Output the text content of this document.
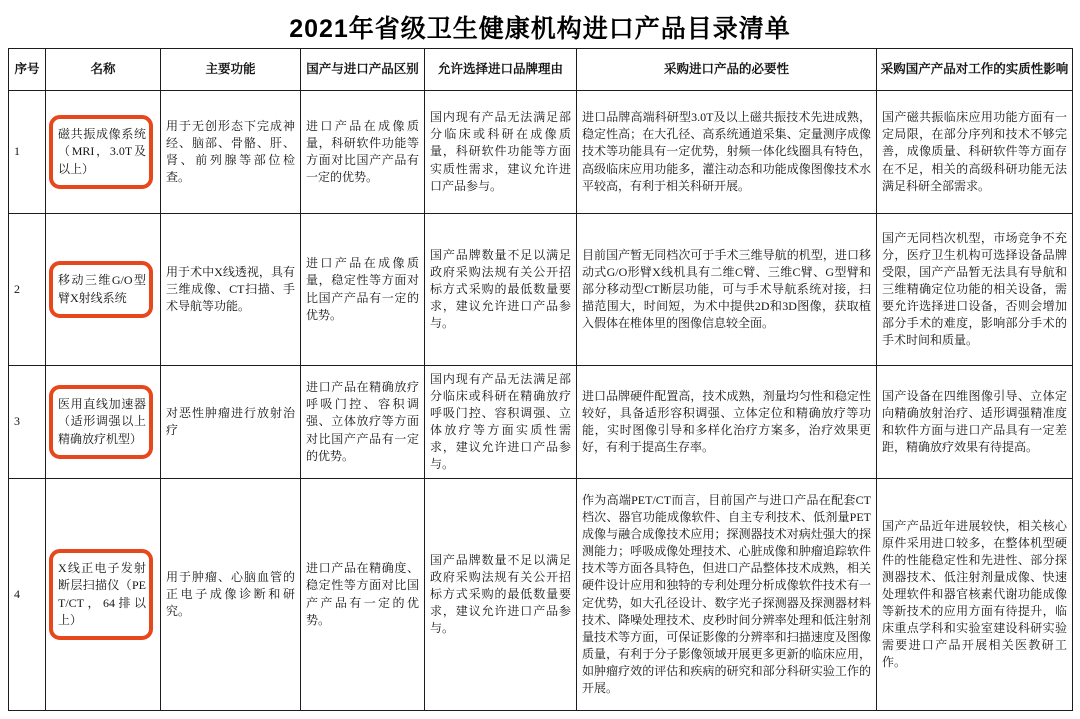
2021年省级卫生健康机构进口产品目录清单
序号	名称	主要功能	国产与进口产品区别	允许选择进口品牌理由	采购进口产品的必要性	采购国产产品对工作的实质性影响
1	磁共振成像系统（MRI，3.0T及以上）	用于无创形态下完成神经、脑部、骨骼、肝、肾、前列腺等部位检查。	进口产品在成像质量，科研软件功能等方面对比国产产品有一定的优势。	国内现有产品无法满足部分临床或科研在成像质量，科研软件功能等方面实质性需求，建议允许进口产品参与。	进口品牌高端科研型3.0T及以上磁共振技术先进成熟，稳定性高；在大孔径、高系统通道采集、定量测序成像技术等功能具有一定优势，射频一体化线圈具有特色，高级临床应用功能多，灌注动态和功能成像图像技术水平较高，有利于相关科研开展。	国产磁共振临床应用功能方面有一定局限，在部分序列和技术不够完善，成像质量、科研软件等方面存在不足，相关的高级科研功能无法满足科研全部需求。
2	移动三维G/O型臂X射线系统	用于术中X线透视，具有三维成像、CT扫描、手术导航等功能。	进口产品在成像质量，稳定性等方面对比国产产品有一定的优势。	国产品牌数量不足以满足政府采购法规有关公开招标方式采购的最低数量要求，建议允许进口产品参与。	目前国产暂无同档次可于手术三维导航的机型，进口移动式G/O形臂X线机具有二维C臂、三维C臂、G型臂和部分移动型CT断层功能，可与手术导航系统对接，扫描范围大，时间短，为术中提供2D和3D图像，获取植入假体在椎体里的图像信息较全面。	国产无同档次机型，市场竞争不充分，医疗卫生机构可选择设备品牌受限，国产产品暂无法具有导航和三维精确定位功能的相关设备，需要允许选择进口设备，否则会增加部分手术的难度，影响部分手术的手术时间和质量。
3	医用直线加速器（适形调强以上精确放疗机型）	对恶性肿瘤进行放射治疗	进口产品在精确放疗呼吸门控、容积调强、立体放疗等方面对比国产产品有一定的优势。	国内现有产品无法满足部分临床或科研在精确放疗呼吸门控、容积调强、立体放疗等方面实质性需求，建议允许进口产品参与。	进口品牌硬件配置高，技术成熟，剂量均匀性和稳定性较好，具备适形容积调强、立体定位和精确放疗等功能，实时图像引导和多样化治疗方案多，治疗效果更好，有利于提高生存率。	国产设备在四维图像引导、立体定向精确放射治疗、适形调强精准度和软件方面与进口产品具有一定差距，精确放疗效果有待提高。
4	X线正电子发射断层扫描仪（PET/CT，64排以上）	用于肿瘤、心脑血管的正电子成像诊断和研究。	进口产品在精确度、稳定性等方面对比国产产品有一定的优势。	国产品牌数量不足以满足政府采购法规有关公开招标方式采购的最低数量要求，建议允许进口产品参与。	作为高端PET/CT而言，目前国产与进口产品在配套CT档次、器官功能成像软件、自主专利技术、低剂量PET成像与融合成像技术应用；探测器技术对病灶强大的探测能力；呼吸成像处理技术、心脏成像和肿瘤追踪软件技术等方面各具特色，但进口产品整体技术成熟，相关硬件设计应用和独特的专利处理分析成像软件技术有一定优势，如大孔径设计、数字光子探测器及探测器材料技术、降噪处理技术、皮秒时间分辨率处理和低注射剂量技术等方面，可保证影像的分辨率和扫描速度及图像质量，有利于分子影像领域开展更多更新的临床应用，如肿瘤疗效的评估和疾病的研究和部分科研实验工作的开展。	国产产品近年进展较快，相关核心原件采用进口较多，在整体机型硬件的性能稳定性和先进性、部分探测器技术、低注射剂量成像、快速处理软件和器官核素代谢功能成像等新技术的应用方面有待提升，临床重点学科和实验室建设科研实验需要进口产品开展相关医教研工作。
